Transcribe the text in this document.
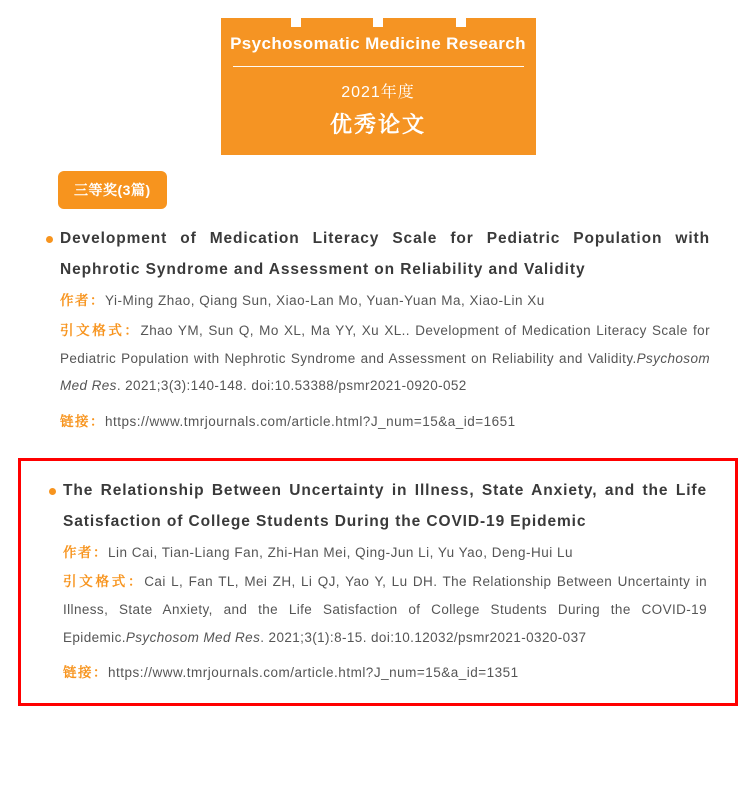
Psychosomatic Medicine Research
2021年度
优秀论文
三等奖(3篇)
Development of Medication Literacy Scale for Pediatric Population with Nephrotic Syndrome and Assessment on Reliability and Validity
作者：Yi-Ming Zhao, Qiang Sun, Xiao-Lan Mo, Yuan-Yuan Ma, Xiao-Lin Xu
引文格式：Zhao YM, Sun Q, Mo XL, Ma YY, Xu XL.. Development of Medication Literacy Scale for Pediatric Population with Nephrotic Syndrome and Assessment on Reliability and Validity.Psychosom Med Res. 2021;3(3):140-148. doi:10.53388/psmr2021-0920-052
链接：https://www.tmrjournals.com/article.html?J_num=15&a_id=1651
The Relationship Between Uncertainty in Illness, State Anxiety, and the Life Satisfaction of College Students During the COVID-19 Epidemic
作者：Lin Cai, Tian-Liang Fan, Zhi-Han Mei, Qing-Jun Li, Yu Yao, Deng-Hui Lu
引文格式：Cai L, Fan TL, Mei ZH, Li QJ, Yao Y, Lu DH. The Relationship Between Uncertainty in Illness, State Anxiety, and the Life Satisfaction of College Students During the COVID-19 Epidemic.Psychosom Med Res. 2021;3(1):8-15. doi:10.12032/psmr2021-0320-037
链接：https://www.tmrjournals.com/article.html?J_num=15&a_id=1351
